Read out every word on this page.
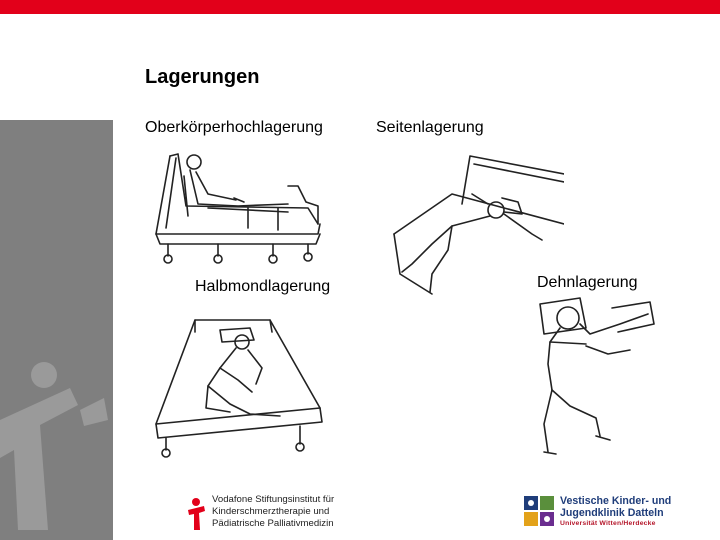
Lagerungen
Oberkörperhochlagerung	Seitenlagerung
Halbmondlagerung	Dehnlagerung
Vodafone Stiftungsinstitut für
Kinderschmerztherapie und
Pädiatrische Palliativmedizin
Vestische Kinder- und
Jugendklinik Datteln
Universität Witten/Herdecke
